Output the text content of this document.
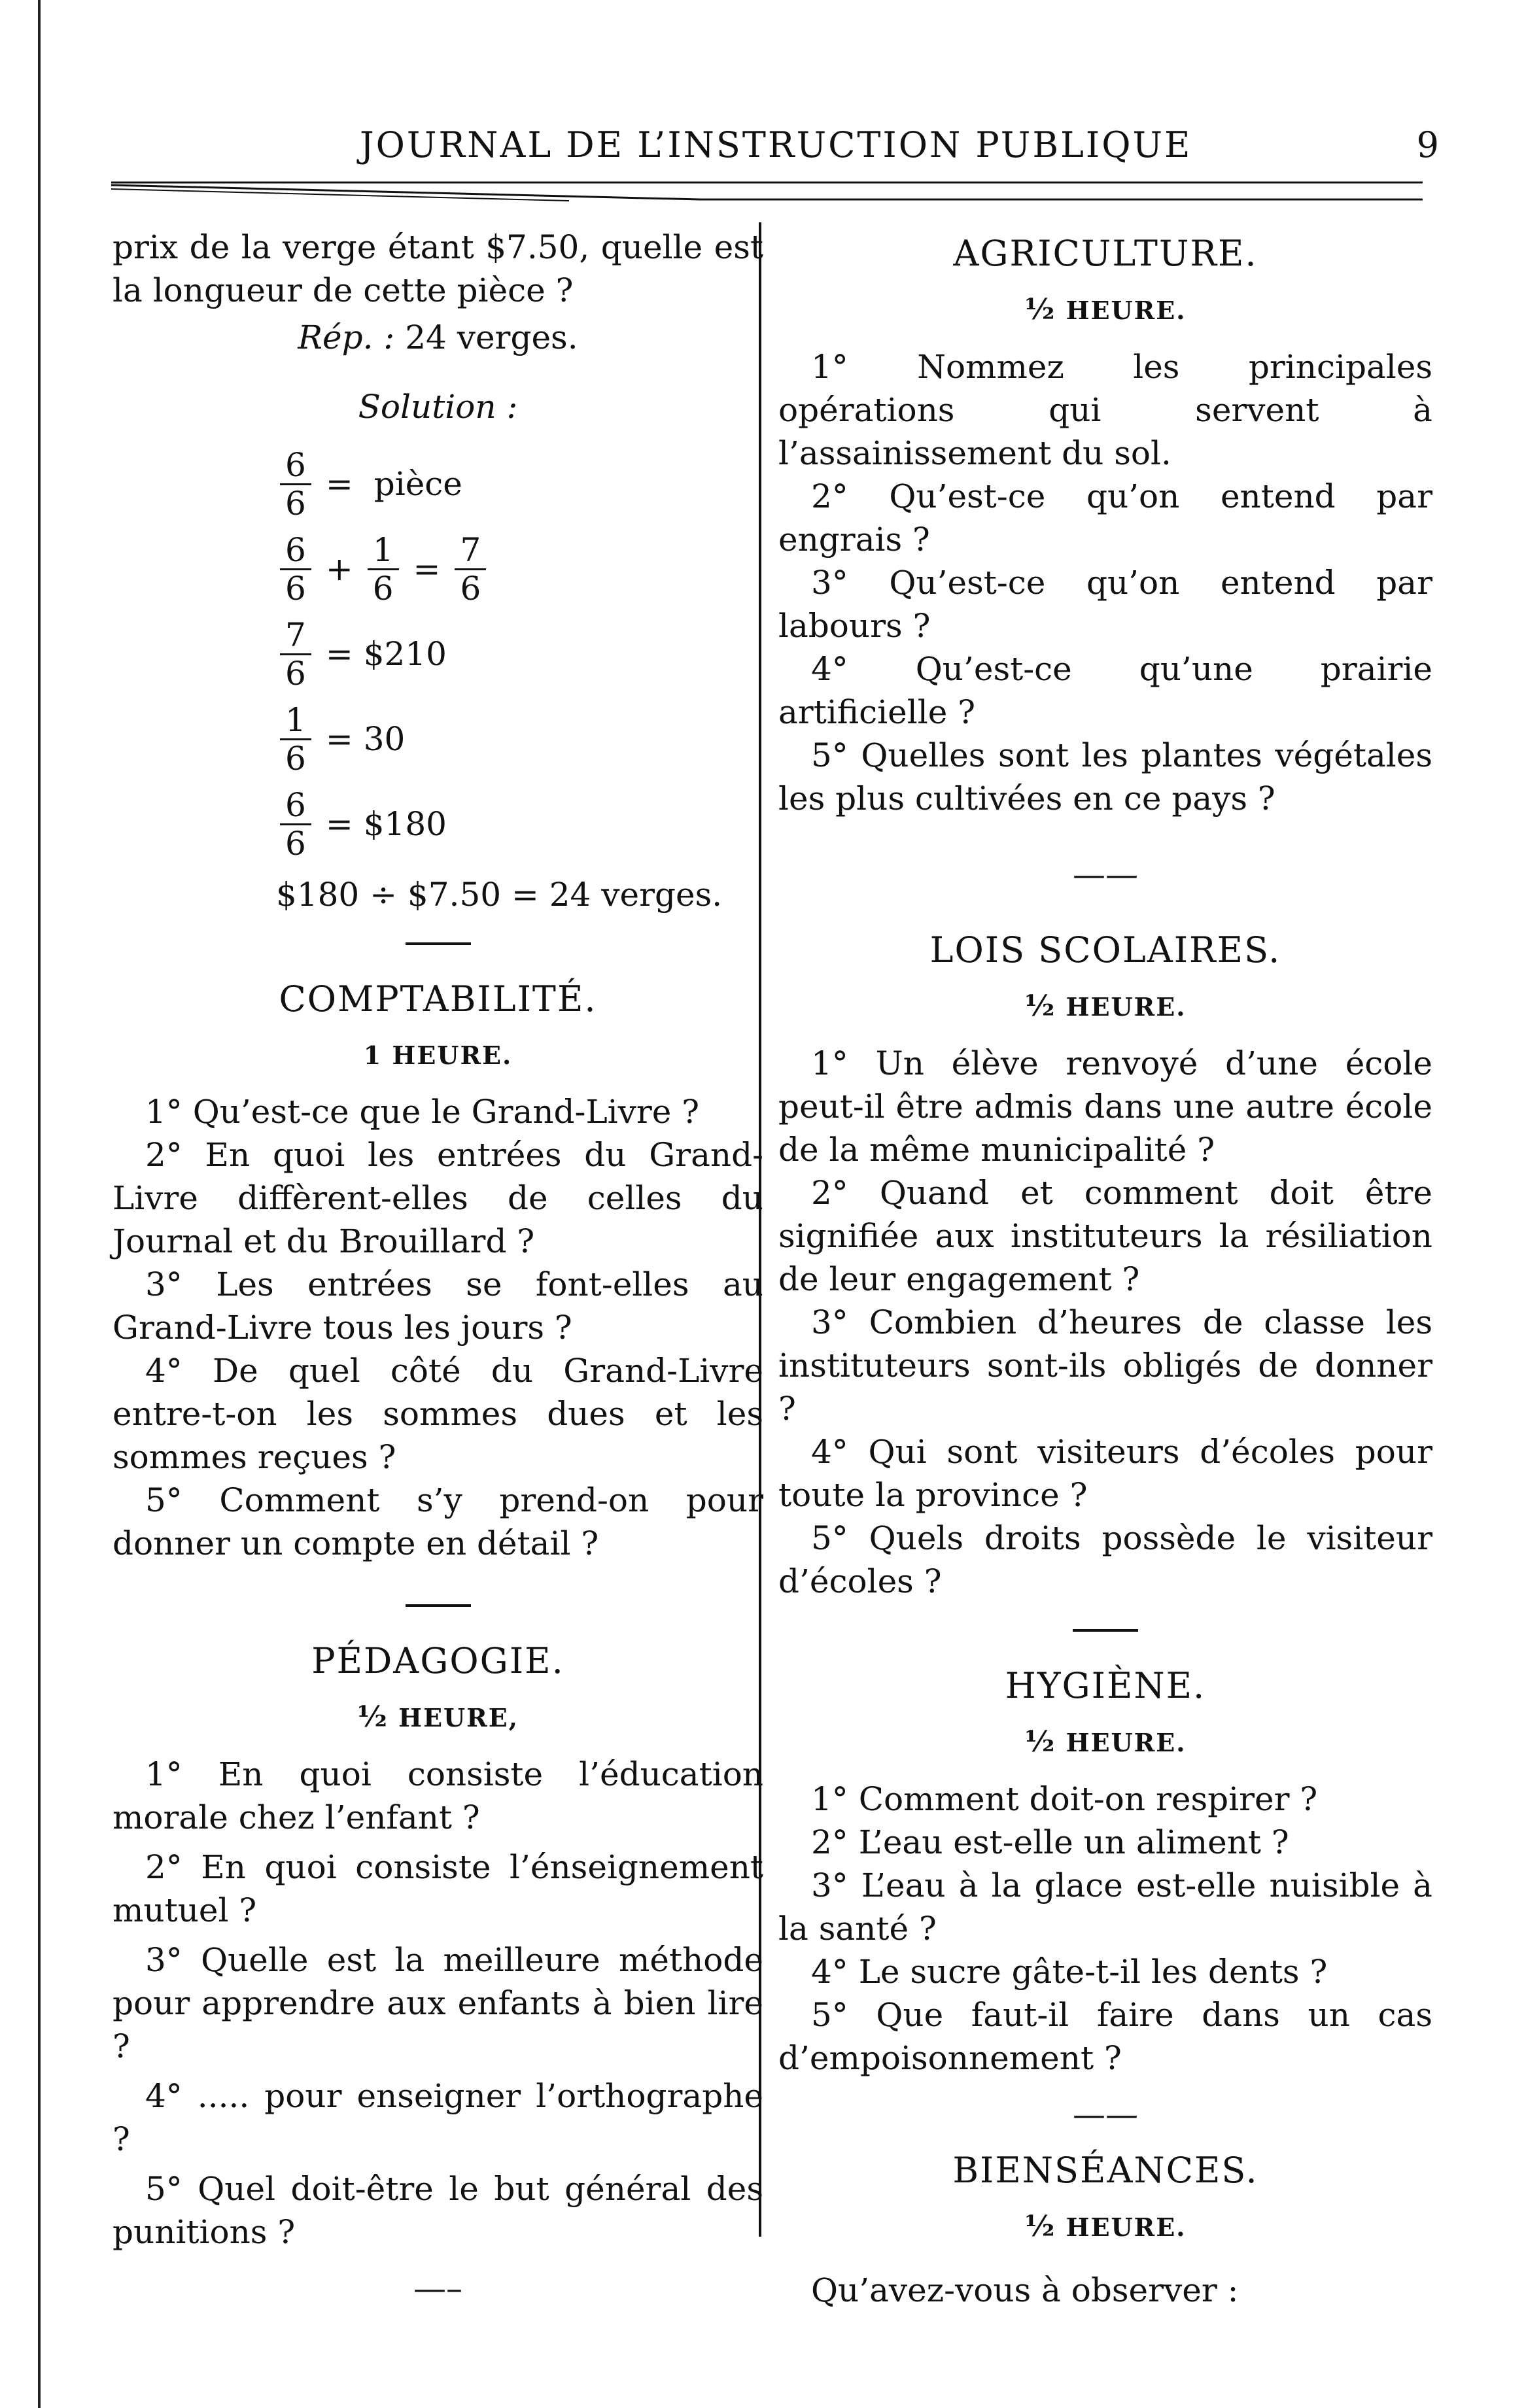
JOURNAL DE L’INSTRUCTION PUBLIQUE	9

prix de la verge étant $7.50, quelle est la longueur de cette pièce ?

Rép. : 24 verges.

Solution :

$\frac{6}{6}$ = pièce
$\frac{6}{6} + \frac{1}{6} = \frac{7}{6}$
$\frac{7}{6}$ = $210
$\frac{1}{6} = 30$
$\frac{6}{6}$ = $180

$180 ÷ $7.50 = 24 verges.

COMPTABILITÉ.

1 HEURE.

1° Qu’est-ce que le Grand-Livre ?

2° En quoi les entrées du Grand-Livre diffèrent-elles de celles du Journal et du Brouillard ?

3° Les entrées se font-elles au Grand-Livre tous les jours ?

4° De quel côté du Grand-Livre entre-t-on les sommes dues et les sommes reçues ?

5° Comment s’y prend-on pour donner un compte en détail ?

PÉDAGOGIE.

½ HEURE,

1° En quoi consiste l’éducation morale chez l’enfant ?

2° En quoi consiste l’énseignement mutuel ?

3° Quelle est la meilleure méthode pour apprendre aux enfants à bien lire ?

4° ..... pour enseigner l’orthographe ?

5° Quel doit-être le but général des punitions ?

—–

AGRICULTURE.

½ HEURE.

1° Nommez les principales opérations qui servent à l’assainissement du sol.

2° Qu’est-ce qu’on entend par engrais ?

3° Qu’est-ce qu’on entend par labours ?

4° Qu’est-ce qu’une prairie artificielle ?

5° Quelles sont les plantes végétales les plus cultivées en ce pays ?

——

LOIS SCOLAIRES.

½ HEURE.

1° Un élève renvoyé d’une école peut-il être admis dans une autre école de la même municipalité ?

2° Quand et comment doit être signifiée aux instituteurs la résiliation de leur engagement ?

3° Combien d’heures de classe les instituteurs sont-ils obligés de donner ?

4° Qui sont visiteurs d’écoles pour toute la province ?

5° Quels droits possède le visiteur d’écoles ?

HYGIÈNE.

½ HEURE.

1° Comment doit-on respirer ?

2° L’eau est-elle un aliment ?

3° L’eau à la glace est-elle nuisible à la santé ?

4° Le sucre gâte-t-il les dents ?

5° Que faut-il faire dans un cas d’empoisonnement ?

——

BIENSÉANCES.

½ HEURE.

Qu’avez-vous à observer :
